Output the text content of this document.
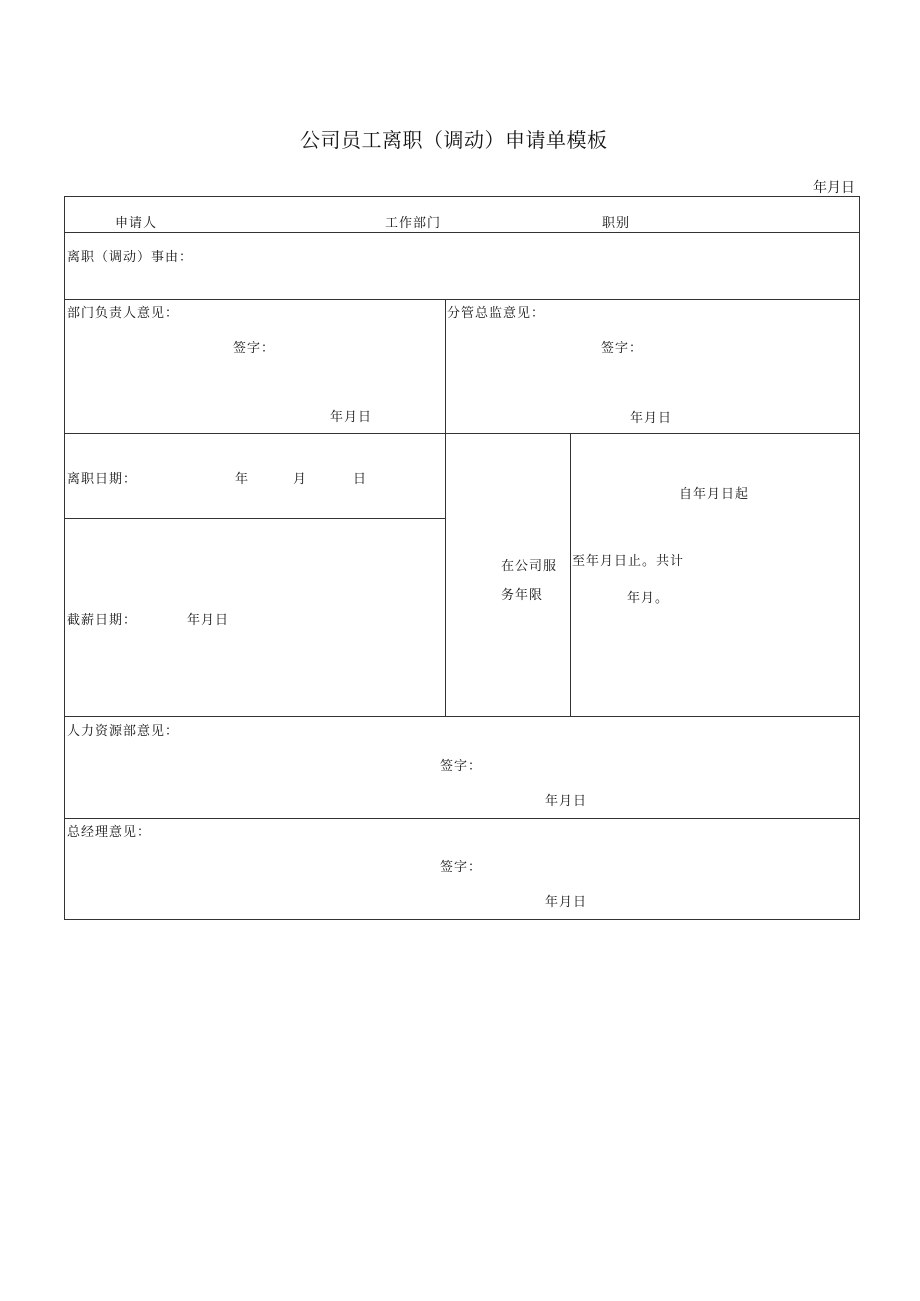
公司员工离职（调动）申请单模板
年月日
申请人	工作部门	职别
离职（调动）事由：
部门负责人意见：
签字：
年月日
分管总监意见：
签字：
年月日
离职日期：	年	月	日
截薪日期：	年月日
在公司服
务年限
自年月日起
至年月日止。共计
年月。
人力资源部意见：
签字：
年月日
总经理意见：
签字：
年月日
